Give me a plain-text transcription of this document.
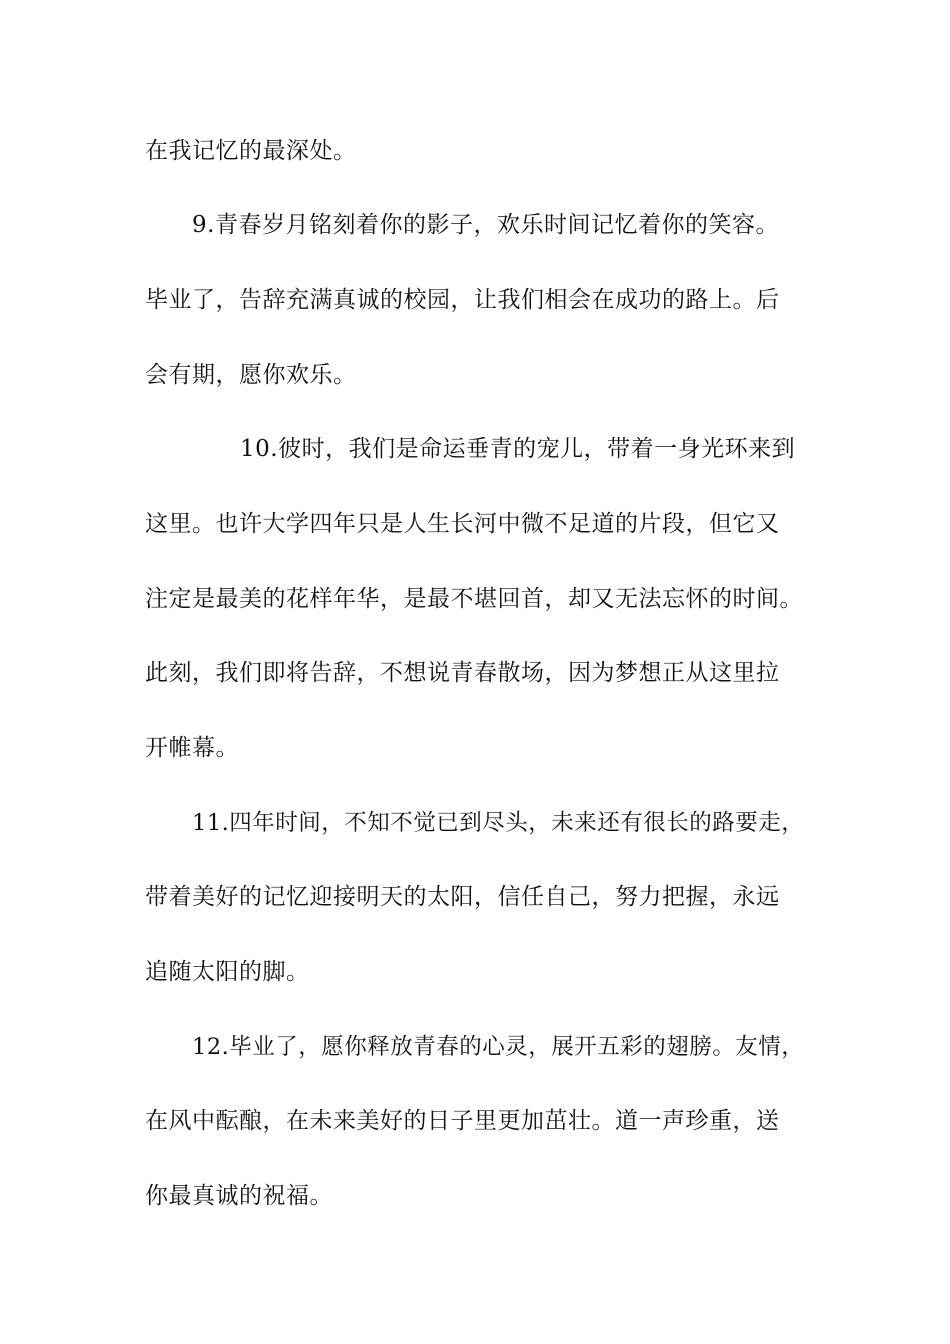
在我记忆的最深处。

9.青春岁月铭刻着你的影子，欢乐时间记忆着你的笑容。

毕业了，告辞充满真诚的校园，让我们相会在成功的路上。后

会有期，愿你欢乐。

10.彼时，我们是命运垂青的宠儿，带着一身光环来到

这里。也许大学四年只是人生长河中微不足道的片段，但它又

注定是最美的花样年华，是最不堪回首，却又无法忘怀的时间。

此刻，我们即将告辞，不想说青春散场，因为梦想正从这里拉

开帷幕。

11.四年时间，不知不觉已到尽头，未来还有很长的路要走，

带着美好的记忆迎接明天的太阳，信任自己，努力把握，永远

追随太阳的脚。

12.毕业了，愿你释放青春的心灵，展开五彩的翅膀。友情，

在风中酝酿，在未来美好的日子里更加茁壮。道一声珍重，送

你最真诚的祝福。
